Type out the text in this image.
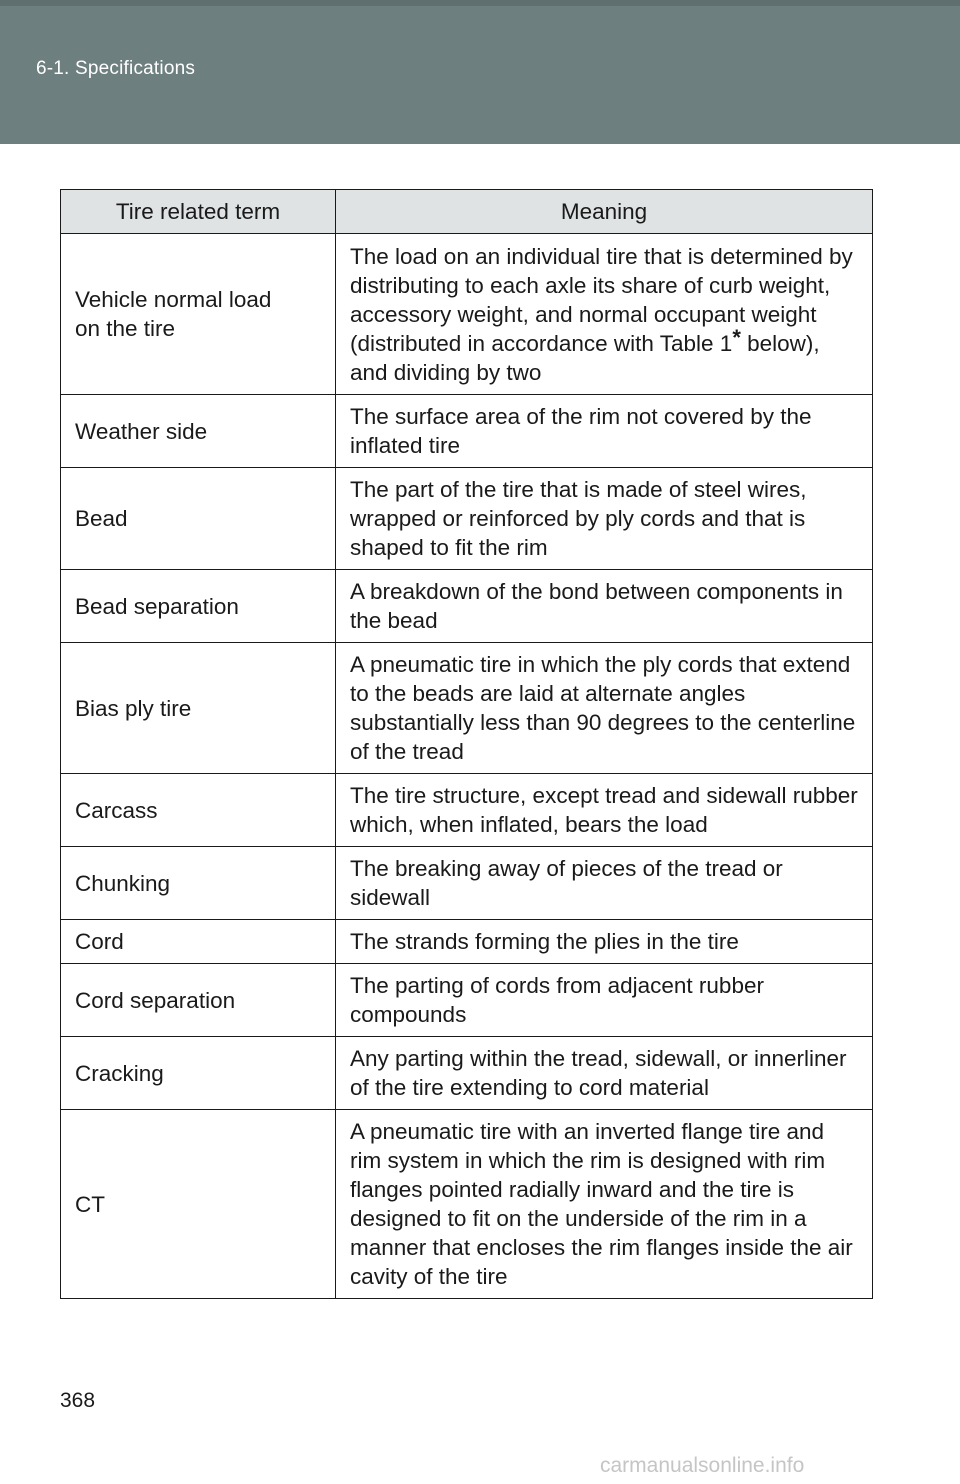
6-1. Specifications
Tire related term	Meaning
Vehicle normal load on the tire	The load on an individual tire that is determined by distributing to each axle its share of curb weight, accessory weight, and normal occupant weight (distributed in accordance with Table 1* below), and dividing by two
Weather side	The surface area of the rim not covered by the inflated tire
Bead	The part of the tire that is made of steel wires, wrapped or reinforced by ply cords and that is shaped to fit the rim
Bead separation	A breakdown of the bond between components in the bead
Bias ply tire	A pneumatic tire in which the ply cords that extend to the beads are laid at alternate angles substantially less than 90 degrees to the centerline of the tread
Carcass	The tire structure, except tread and sidewall rubber which, when inflated, bears the load
Chunking	The breaking away of pieces of the tread or sidewall
Cord	The strands forming the plies in the tire
Cord separation	The parting of cords from adjacent rubber compounds
Cracking	Any parting within the tread, sidewall, or innerliner of the tire extending to cord material
CT	A pneumatic tire with an inverted flange tire and rim system in which the rim is designed with rim flanges pointed radially inward and the tire is designed to fit on the underside of the rim in a manner that encloses the rim flanges inside the air cavity of the tire
368
carmanualsonline.info
